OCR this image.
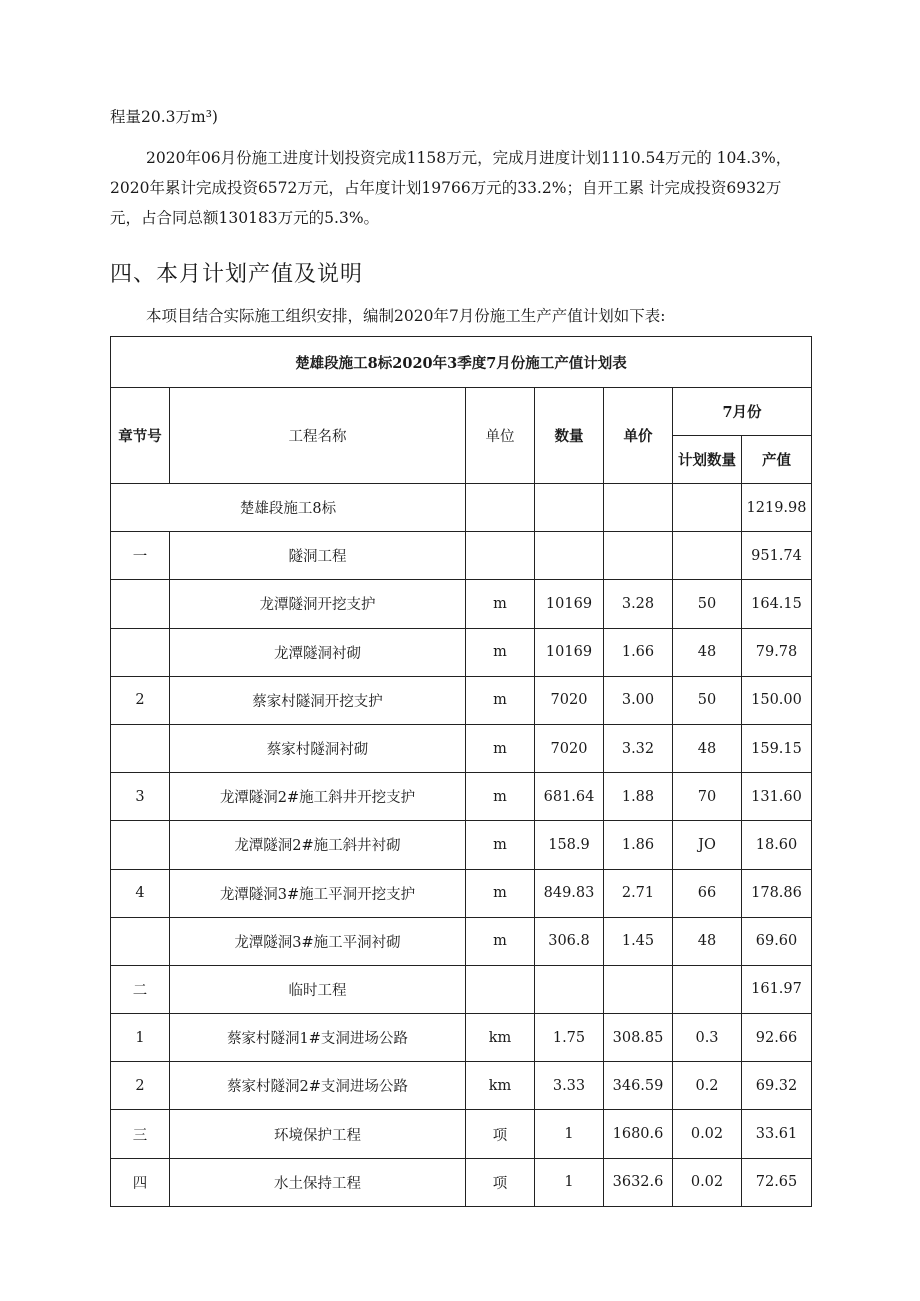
程量20.3万m³)
2020年06月份施工进度计划投资完成1158万元，完成月进度计划1110.54万元的 104.3%，2020年累计完成投资6572万元，占年度计划19766万元的33.2%；自开工累 计完成投资6932万元，占合同总额130183万元的5.3%。
四、本月计划产值及说明
本项目结合实际施工组织安排，编制2020年7月份施工生产产值计划如下表:
楚雄段施工8标2020年3季度7月份施工产值计划表						
章节号	工程名称	单位	数量	单价	7月份	
					计划数量	产值
楚雄段施工8标						1219.98
一	隧洞工程					951.74
	龙潭隧洞开挖支护	m	10169	3.28	50	164.15
	龙潭隧洞衬砌	m	10169	1.66	48	79.78
2	蔡家村隧洞开挖支护	m	7020	3.00	50	150.00
	蔡家村隧洞衬砌	m	7020	3.32	48	159.15
3	龙潭隧洞2#施工斜井开挖支护	m	681.64	1.88	70	131.60
	龙潭隧洞2#施工斜井衬砌	m	158.9	1.86	JO	18.60
4	龙潭隧洞3#施工平洞开挖支护	m	849.83	2.71	66	178.86
	龙潭隧洞3#施工平洞衬砌	m	306.8	1.45	48	69.60
二	临时工程					161.97
1	蔡家村隧洞1#支洞进场公路	km	1.75	308.85	0.3	92.66
2	蔡家村隧洞2#支洞进场公路	km	3.33	346.59	0.2	69.32
三	环境保护工程	项	1	1680.6	0.02	33.61
四	水土保持工程	项	1	3632.6	0.02	72.65
